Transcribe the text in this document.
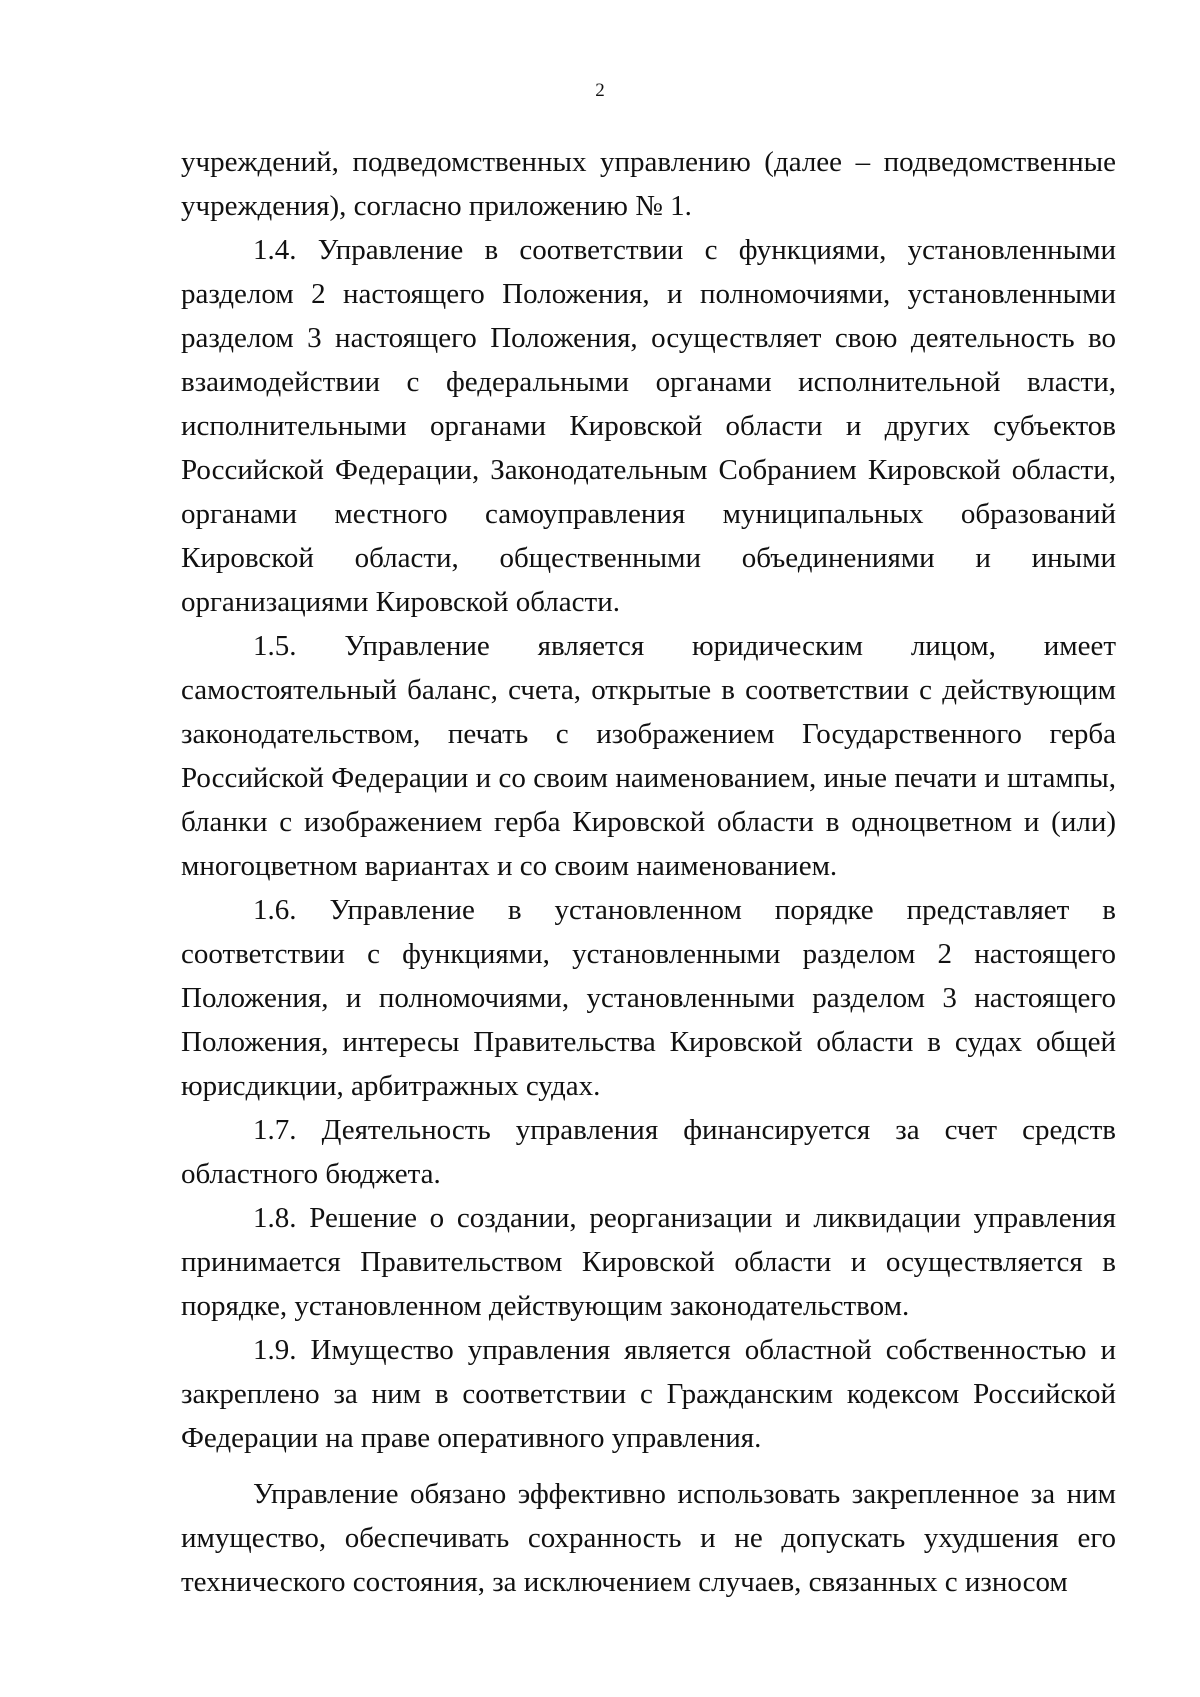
2

учреждений, подведомственных управлению (далее – подведомственные учреждения), согласно приложению № 1.

1.4. Управление в соответствии с функциями, установленными разделом 2 настоящего Положения, и полномочиями, установленными разделом 3 настоящего Положения, осуществляет свою деятельность во взаимодействии с федеральными органами исполнительной власти, исполнительными органами Кировской области и других субъектов Российской Федерации, Законодательным Собранием Кировской области, органами местного самоуправления муниципальных образований Кировской области, общественными объединениями и иными организациями Кировской области.

1.5. Управление является юридическим лицом, имеет самостоятельный баланс, счета, открытые в соответствии с действующим законодательством, печать с изображением Государственного герба Российской Федерации и со своим наименованием, иные печати и штампы, бланки с изображением герба Кировской области в одноцветном и (или) многоцветном вариантах и со своим наименованием.

1.6. Управление в установленном порядке представляет в соответствии с функциями, установленными разделом 2 настоящего Положения, и полномочиями, установленными разделом 3 настоящего Положения, интересы Правительства Кировской области в судах общей юрисдикции, арбитражных судах.

1.7. Деятельность управления финансируется за счет средств областного бюджета.

1.8. Решение о создании, реорганизации и ликвидации управления принимается Правительством Кировской области и осуществляется в порядке, установленном действующим законодательством.

1.9. Имущество управления является областной собственностью и закреплено за ним в соответствии с Гражданским кодексом Российской Федерации на праве оперативного управления.

Управление обязано эффективно использовать закрепленное за ним имущество, обеспечивать сохранность и не допускать ухудшения его технического состояния, за исключением случаев, связанных с износом
